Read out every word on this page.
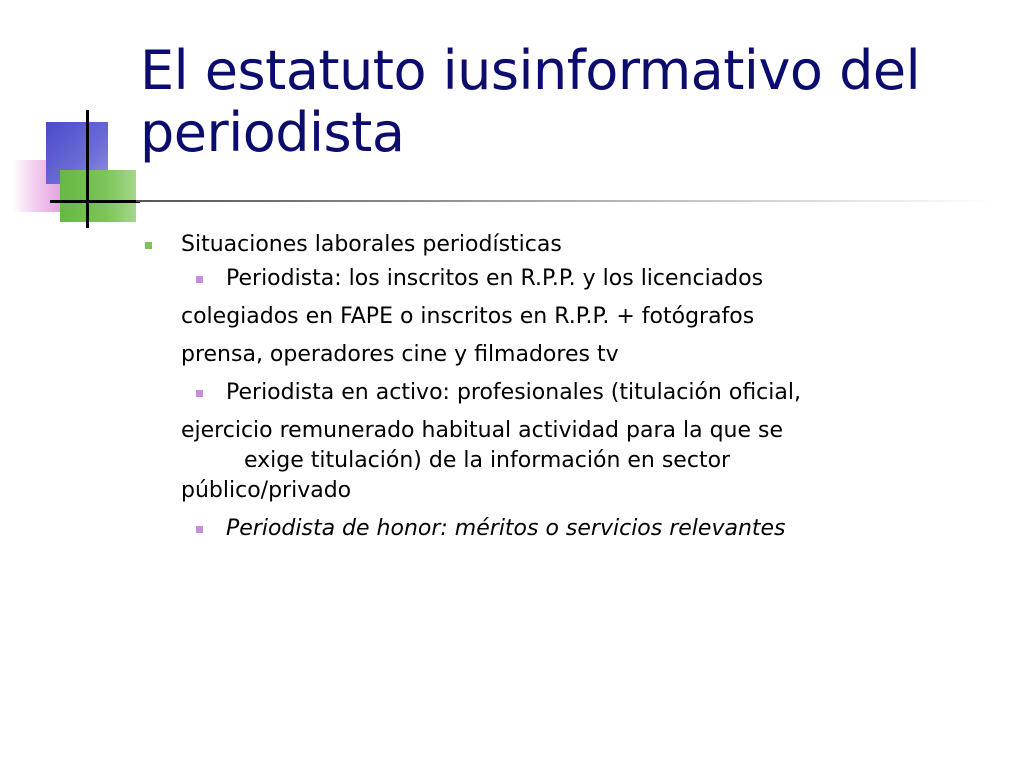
El estatuto iusinformativo del periodista
Situaciones laborales periodísticas
Periodista: los inscritos en R.P.P. y los licenciados
colegiados en FAPE o inscritos en R.P.P. + fotógrafos
prensa, operadores cine y filmadores tv
Periodista en activo: profesionales (titulación oficial,
ejercicio remunerado habitual actividad para la que se
exige titulación) de la información en sector
público/privado
Periodista de honor: méritos o servicios relevantes
